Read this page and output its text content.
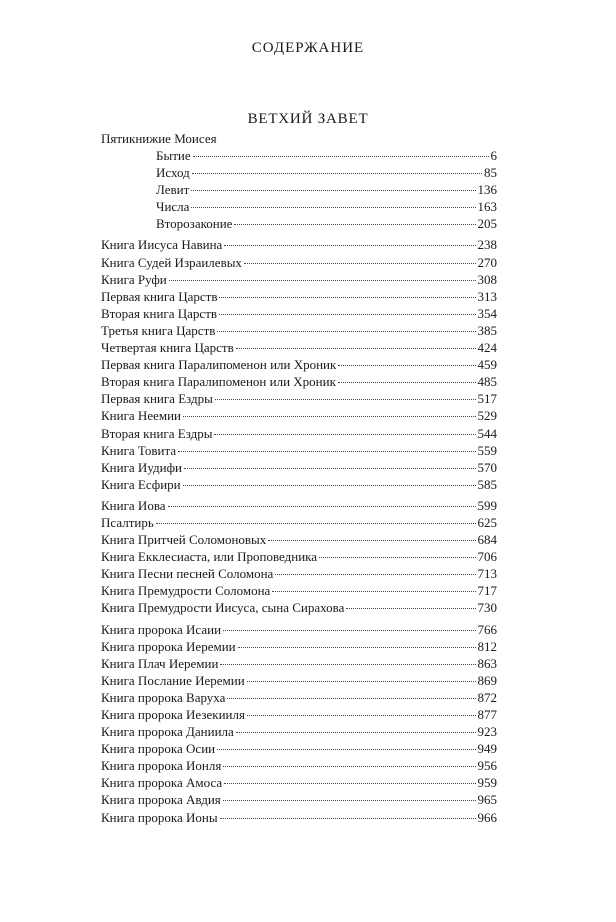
СОДЕРЖАНИЕ
ВЕТХИЙ ЗАВЕТ
Пятикнижие Моисея
Бытие	6
Исход	85
Левит	136
Числа	163
Второзаконие	205
Книга Иисуса Навина	238
Книга Судей Израилевых	270
Книга Руфи	308
Первая книга Царств	313
Вторая книга Царств	354
Третья книга Царств	385
Четвертая книга Царств	424
Первая книга Паралипоменон или Хроник	459
Вторая книга Паралипоменон или Хроник	485
Первая книга Ездры	517
Книга Неемии	529
Вторая книга Ездры	544
Книга Товита	559
Книга Иудифи	570
Книга Есфири	585
Книга Иова	599
Псалтирь	625
Книга Притчей Соломоновых	684
Книга Екклесиаста, или Проповедника	706
Книга Песни песней Соломона	713
Книга Премудрости Соломона	717
Книга Премудрости Иисуса, сына Сирахова	730
Книга пророка Исаии	766
Книга пророка Иеремии	812
Книга Плач Иеремии	863
Книга Послание Иеремии	869
Книга пророка Варуха	872
Книга пророка Иезекииля	877
Книга пророка Даниила	923
Книга пророка Осии	949
Книга пророка Ионля	956
Книга пророка Амоса	959
Книга пророка Авдия	965
Книга пророка Ионы	966
